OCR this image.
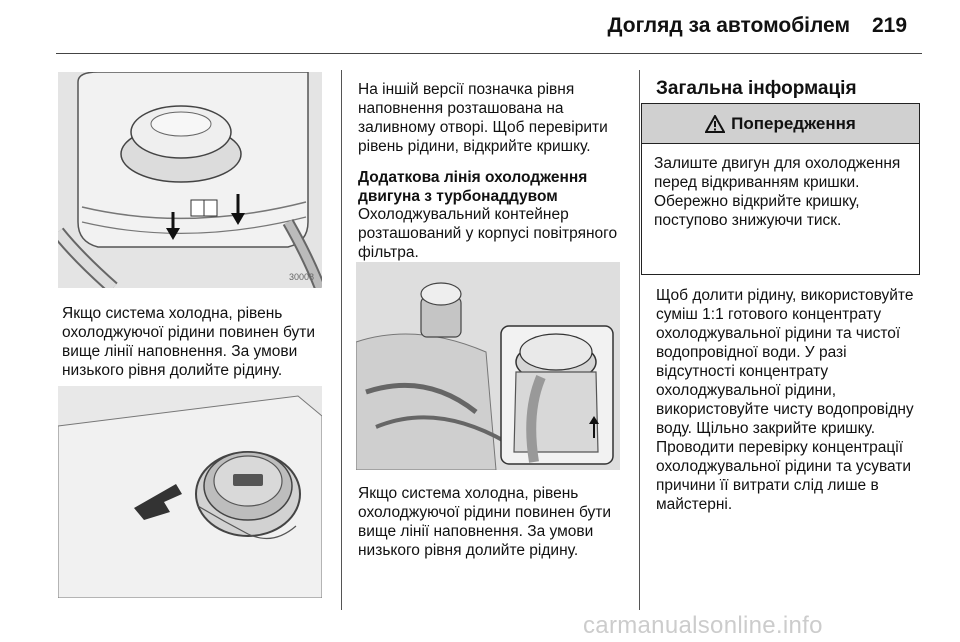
Догляд за автомобілем 219
30008

Якщо система холодна, рівень охолоджуючої рідини повинен бути вище лінії наповнення. За умови низького рівня долийте рідину.

На іншій версії позначка рівня наповнення розташована на заливному отворі. Щоб перевірити рівень рідини, відкрийте кришку.

Додаткова лінія охолодження двигуна з турбонаддувом

Охолоджувальний контейнер розташований у корпусі повітряного фільтра.

Якщо система холодна, рівень охолоджуючої рідини повинен бути вище лінії наповнення. За умови низького рівня долийте рідину.

Загальна інформація
Попередження
Залиште двигун для охолодження перед відкриванням кришки. Обережно відкрийте кришку, поступово знижуючи тиск.

Щоб долити рідину, використовуйте суміш 1:1 готового концентрату охолоджувальної рідини та чистої водопровідної води. У разі відсутності концентрату охолоджувальної рідини, використовуйте чисту водопровідну воду. Щільно закрийте кришку. Проводити перевірку концентрації охолоджувальної рідини та усувати причини її витрати слід лише в майстерні.

carmanualsonline.info
